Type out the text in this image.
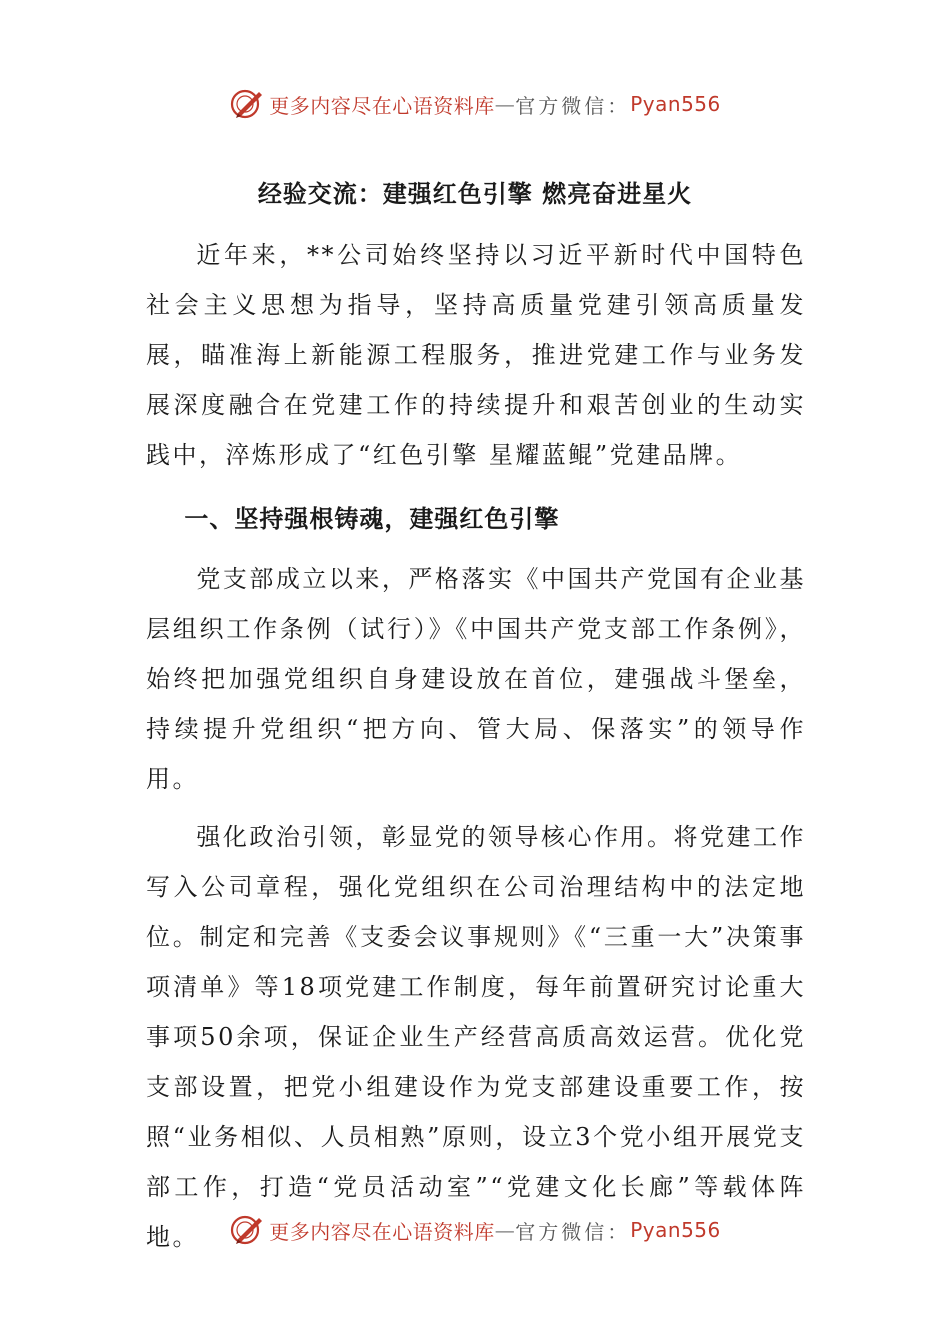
更多内容尽在心语资料库 — 官方微信： Pyan556
经验交流：建强红色引擎 燃亮奋进星火

近年来，**公司始终坚持以习近平新时代中国特色社会主义思想为指导，坚持高质量党建引领高质量发展，瞄准海上新能源工程服务，推进党建工作与业务发展深度融合在党建工作的持续提升和艰苦创业的生动实践中，淬炼形成了“红色引擎 星耀蓝鲲”党建品牌。

一、坚持强根铸魂，建强红色引擎

党支部成立以来，严格落实《中国共产党国有企业基层组织工作条例（试行）》《中国共产党支部工作条例》，始终把加强党组织自身建设放在首位，建强战斗堡垒，持续提升党组织“把方向、管大局、保落实”的领导作用。

强化政治引领，彰显党的领导核心作用。将党建工作写入公司章程，强化党组织在公司治理结构中的法定地位。制定和完善《支委会议事规则》《“三重一大”决策事项清单》等18项党建工作制度，每年前置研究讨论重大事项50余项，保证企业生产经营高质高效运营。优化党支部设置，把党小组建设作为党支部建设重要工作，按照“业务相似、人员相熟”原则，设立3个党小组开展党支部工作，打造“党员活动室”“党建文化长廊”等载体阵地。	更多内容尽在心语资料库 — 官方微信： Pyan556
